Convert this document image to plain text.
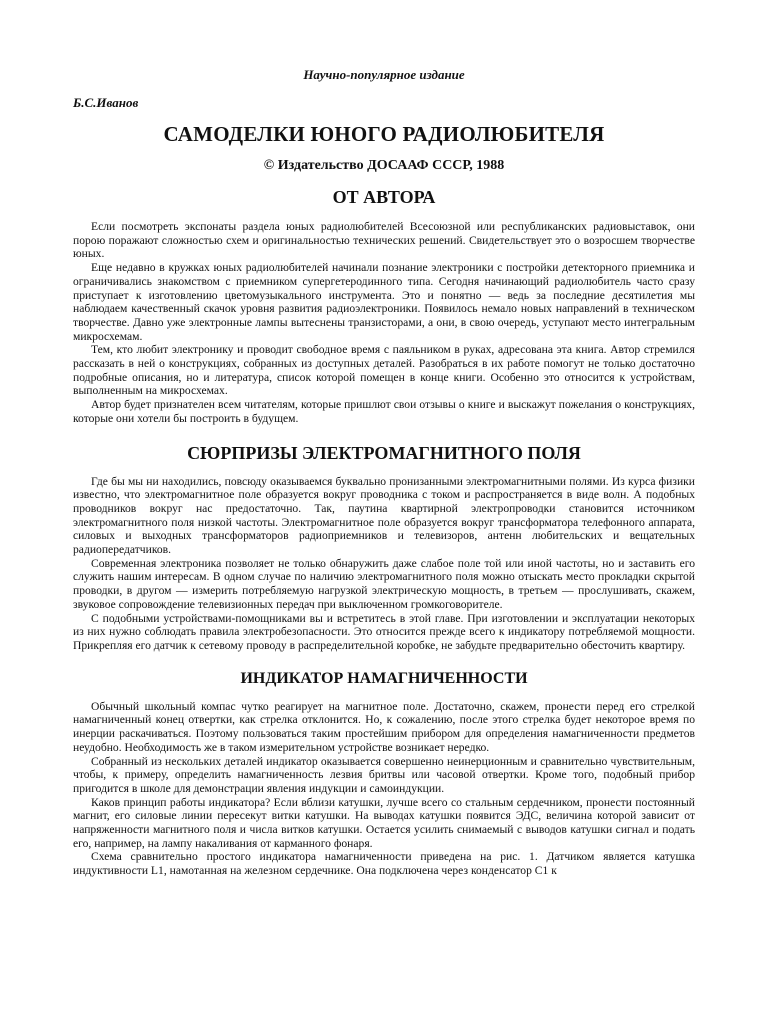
Научно-популярное издание

Б.С.Иванов

САМОДЕЛКИ ЮНОГО РАДИОЛЮБИТЕЛЯ

© Издательство ДОСААФ СССР, 1988

ОТ АВТОРА

Если посмотреть экспонаты раздела юных радиолюбителей Всесоюзной или республиканских радиовыставок, они порою поражают сложностью схем и оригинальностью технических решений. Свидетельствует это о возросшем творчестве юных.

Еще недавно в кружках юных радиолюбителей начинали познание электроники с постройки детекторного приемника и ограничивались знакомством с приемником супергетеродинного типа. Сегодня начинающий радиолюбитель часто сразу приступает к изготовлению цветомузыкального инструмента. Это и понятно — ведь за последние десятилетия мы наблюдаем качественный скачок уровня развития радиоэлектроники. Появилось немало новых направлений в техническом творчестве. Давно уже электронные лампы вытеснены транзисторами, а они, в свою очередь, уступают место интегральным микросхемам.

Тем, кто любит электронику и проводит свободное время с паяльником в руках, адресована эта книга. Автор стремился рассказать в ней о конструкциях, собранных из доступных деталей. Разобраться в их работе помогут не только достаточно подробные описания, но и литература, список которой помещен в конце книги. Особенно это относится к устройствам, выполненным на микросхемах.

Автор будет признателен всем читателям, которые пришлют свои отзывы о книге и выскажут пожелания о конструкциях, которые они хотели бы построить в будущем.

СЮРПРИЗЫ ЭЛЕКТРОМАГНИТНОГО ПОЛЯ

Где бы мы ни находились, повсюду оказываемся буквально пронизанными электромагнитными полями. Из курса физики известно, что электромагнитное поле образуется вокруг проводника с током и распространяется в виде волн. А подобных проводников вокруг нас предостаточно. Так, паутина квартирной электропроводки становится источником электромагнитного поля низкой частоты. Электромагнитное поле образуется вокруг трансформатора телефонного аппарата, силовых и выходных трансформаторов радиоприемников и телевизоров, антенн любительских и вещательных радиопередатчиков.

Современная электроника позволяет не только обнаружить даже слабое поле той или иной частоты, но и заставить его служить нашим интересам. В одном случае по наличию электромагнитного поля можно отыскать место прокладки скрытой проводки, в другом — измерить потребляемую нагрузкой электрическую мощность, в третьем — прослушивать, скажем, звуковое сопровождение телевизионных передач при выключенном громкоговорителе.

С подобными устройствами-помощниками вы и встретитесь в этой главе. При изготовлении и эксплуатации некоторых из них нужно соблюдать правила электробезопасности. Это относится прежде всего к индикатору потребляемой мощности. Прикрепляя его датчик к сетевому проводу в распределительной коробке, не забудьте предварительно обесточить квартиру.

ИНДИКАТОР НАМАГНИЧЕННОСТИ

Обычный школьный компас чутко реагирует на магнитное поле. Достаточно, скажем, пронести перед его стрелкой намагниченный конец отвертки, как стрелка отклонится. Но, к сожалению, после этого стрелка будет некоторое время по инерции раскачиваться. Поэтому пользоваться таким простейшим прибором для определения намагниченности предметов неудобно. Необходимость же в таком измерительном устройстве возникает нередко.

Собранный из нескольких деталей индикатор оказывается совершенно неинерционным и сравнительно чувствительным, чтобы, к примеру, определить намагниченность лезвия бритвы или часовой отвертки. Кроме того, подобный прибор пригодится в школе для демонстрации явления индукции и самоиндукции.

Каков принцип работы индикатора? Если вблизи катушки, лучше всего со стальным сердечником, пронести постоянный магнит, его силовые линии пересекут витки катушки. На выводах катушки появится ЭДС, величина которой зависит от напряженности магнитного поля и числа витков катушки. Остается усилить снимаемый с выводов катушки сигнал и подать его, например, на лампу накаливания от карманного фонаря.

Схема сравнительно простого индикатора намагниченности приведена на рис. 1. Датчиком является катушка индуктивности L1, намотанная на железном сердечнике. Она подключена через конденсатор C1 к
